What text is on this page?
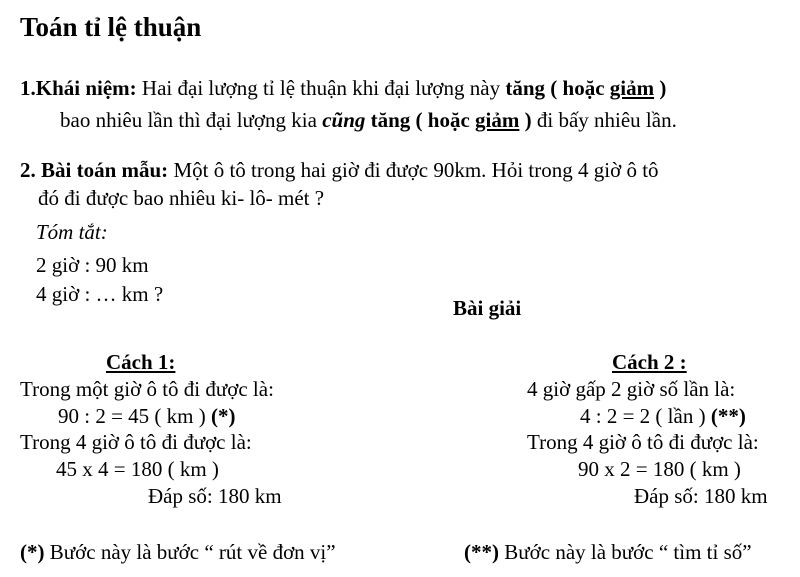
Toán tỉ lệ thuận
1.Khái niệm: Hai đại lượng tỉ lệ thuận khi đại lượng này tăng ( hoặc giảm )
bao nhiêu lần thì đại lượng kia cũng tăng ( hoặc giảm ) đi bấy nhiêu lần.
2. Bài toán mẫu: Một ô tô trong hai giờ đi được 90km. Hỏi trong 4 giờ ô tô
đó đi được bao nhiêu ki- lô- mét ?
Tóm tắt:
2 giờ : 90 km
4 giờ : … km ?
Bài giải
Cách 1:
Trong một giờ ô tô đi được là:
90 : 2 = 45 ( km ) (*)
Trong 4 giờ ô tô đi được là:
45 x 4 = 180 ( km )
Đáp số: 180 km
Cách 2 :
4 giờ gấp 2 giờ số lần là:
4 : 2 = 2 ( lần ) (**)
Trong 4 giờ ô tô đi được là:
90 x 2 = 180 ( km )
Đáp số: 180 km
(*) Bước này là bước “ rút về đơn vị”	(**) Bước này là bước “ tìm tỉ số”
